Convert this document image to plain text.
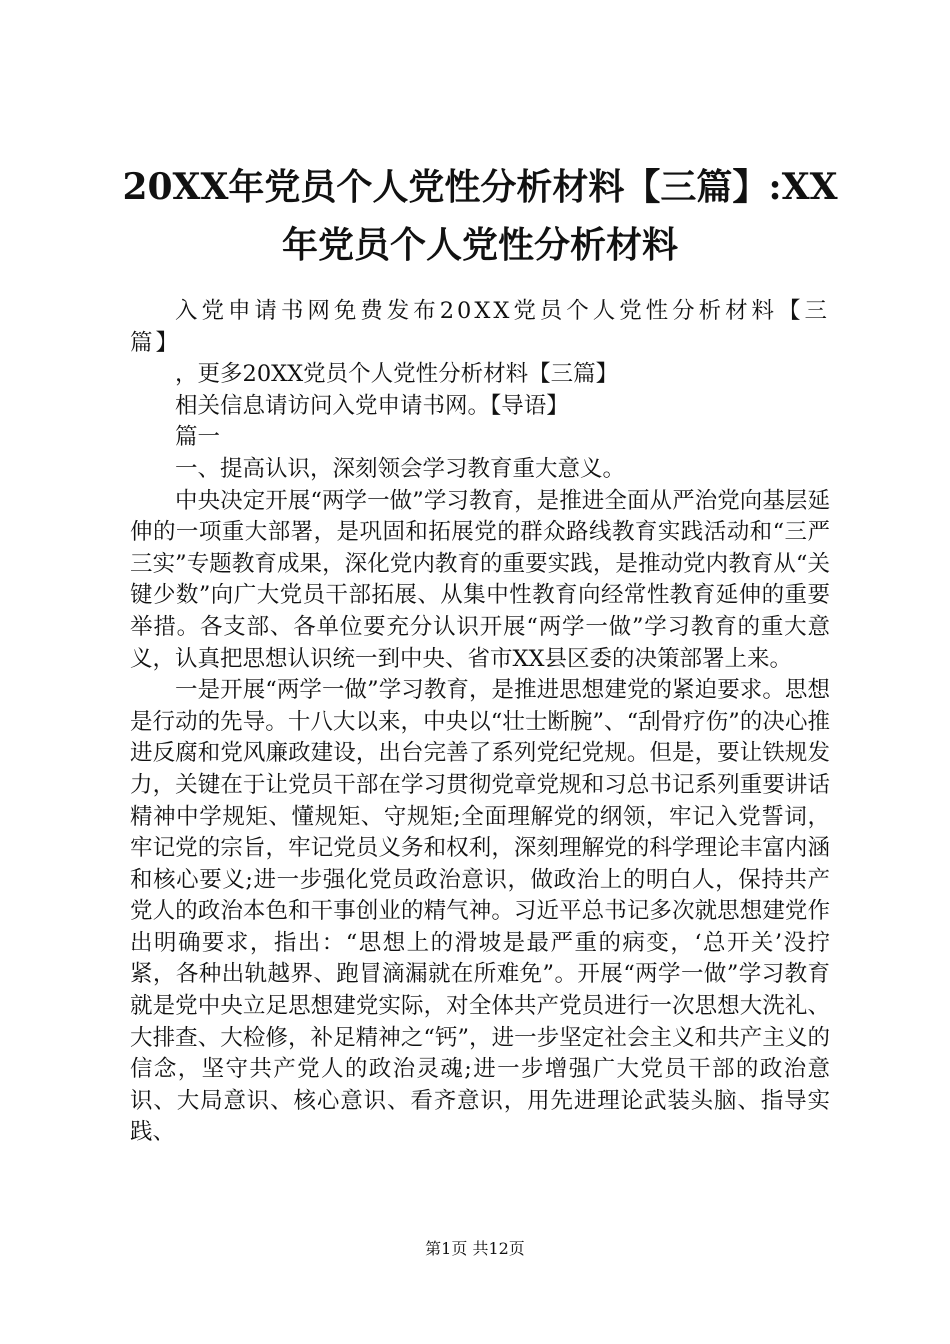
20XX年党员个人党性分析材料【三篇】:XX年党员个人党性分析材料

入党申请书网免费发布20XX党员个人党性分析材料【三篇】

，更多20XX党员个人党性分析材料【三篇】

相关信息请访问入党申请书网。【导语】

篇一

一、提高认识，深刻领会学习教育重大意义。

中央决定开展“两学一做”学习教育，是推进全面从严治党向基层延伸的一项重大部署，是巩固和拓展党的群众路线教育实践活动和“三严三实”专题教育成果，深化党内教育的重要实践，是推动党内教育从“关键少数”向广大党员干部拓展、从集中性教育向经常性教育延伸的重要举措。各支部、各单位要充分认识开展“两学一做”学习教育的重大意义，认真把思想认识统一到中央、省市XX县区委的决策部署上来。

一是开展“两学一做”学习教育，是推进思想建党的紧迫要求。思想是行动的先导。十八大以来，中央以“壮士断腕”、“刮骨疗伤”的决心推进反腐和党风廉政建设，出台完善了系列党纪党规。但是，要让铁规发力，关键在于让党员干部在学习贯彻党章党规和习总书记系列重要讲话精神中学规矩、懂规矩、守规矩;全面理解党的纲领，牢记入党誓词，牢记党的宗旨，牢记党员义务和权利，深刻理解党的科学理论丰富内涵和核心要义;进一步强化党员政治意识，做政治上的明白人，保持共产党人的政治本色和干事创业的精气神。习近平总书记多次就思想建党作出明确要求，指出：“思想上的滑坡是最严重的病变，‘总开关’没拧紧，各种出轨越界、跑冒滴漏就在所难免”。开展“两学一做”学习教育就是党中央立足思想建党实际，对全体共产党员进行一次思想大洗礼、大排查、大检修，补足精神之“钙”，进一步坚定社会主义和共产主义的信念，坚守共产党人的政治灵魂;进一步增强广大党员干部的政治意识、大局意识、核心意识、看齐意识，用先进理论武装头脑、指导实践、

第1页 共12页
